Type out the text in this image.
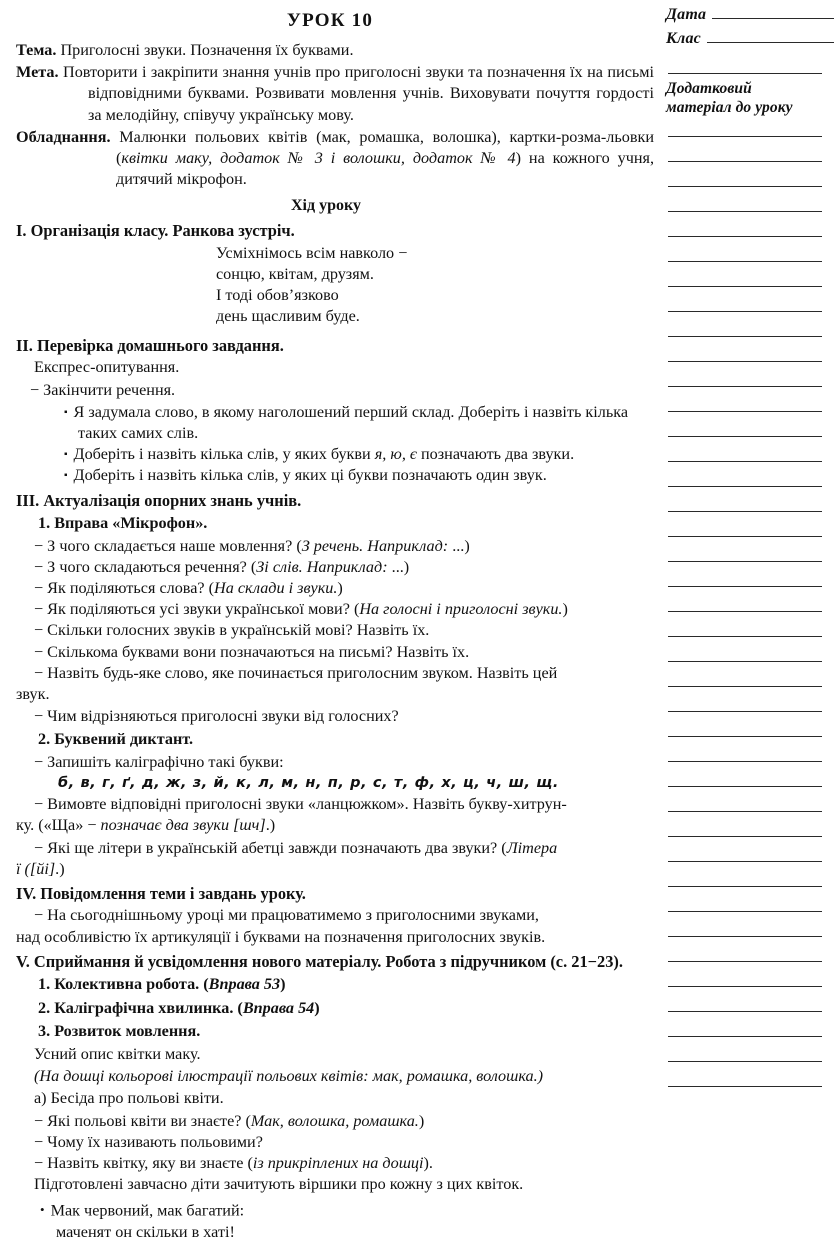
УРОК 10
Тема. Приголосні звуки. Позначення їх буквами.
Мета. Повторити і закріпити знання учнів про приголосні звуки та позначення їх на письмі відповідними буквами. Розвивати мовлення учнів. Виховувати почуття гордості за мелодійну, співучу українську мову.
Обладнання. Малюнки польових квітів (мак, ромашка, волошка), картки-розма-льовки (квітки маку, додаток № 3 і волошки, додаток № 4) на кожного учня, дитячий мікрофон.
Хід уроку
I. Організація класу. Ранкова зустріч.
Усміхнімось всім навколо −
сонцю, квітам, друзям.
І тоді обов’язково
день щасливим буде.
II. Перевірка домашнього завдання.
Експрес-опитування.
− Закінчити речення.
▪ Я задумала слово, в якому наголошений перший склад. Доберіть і назвіть кілька таких самих слів.
▪ Доберіть і назвіть кілька слів, у яких букви я, ю, є позначають два звуки.
▪ Доберіть і назвіть кілька слів, у яких ці букви позначають один звук.
III. Актуалізація опорних знань учнів.
1. Вправа «Мікрофон».
− З чого складається наше мовлення? (З речень. Наприклад: ...)
− З чого складаються речення? (Зі слів. Наприклад: ...)
− Як поділяються слова? (На склади і звуки.)
− Як поділяються усі звуки української мови? (На голосні і приголосні звуки.)
− Скільки голосних звуків в українській мові? Назвіть їх.
− Скількома буквами вони позначаються на письмі? Назвіть їх.
− Назвіть будь-яке слово, яке починається приголосним звуком. Назвіть цей
звук.
− Чим відрізняються приголосні звуки від голосних?
2. Буквений диктант.
− Запишіть каліграфічно такі букви:
б, в, г, ґ, д, ж, з, й, к, л, м, н, п, р, с, т, ф, х, ц, ч, ш, щ.
− Вимовте відповідні приголосні звуки «ланцюжком». Назвіть букву-хитрун-
ку. («Ща» − позначає два звуки [шч].)
− Які ще літери в українській абетці завжди позначають два звуки? (Літера
ї ([йі].)
IV. Повідомлення теми і завдань уроку.
− На сьогоднішньому уроці ми працюватимемо з приголосними звуками,
над особливістю їх артикуляції і буквами на позначення приголосних звуків.
V. Сприймання й усвідомлення нового матеріалу. Робота з підручником (с. 21−23).
1. Колективна робота. (Вправа 53)
2. Каліграфічна хвилинка. (Вправа 54)
3. Розвиток мовлення.
Усний опис квітки маку.
(На дошці кольорові ілюстрації польових квітів: мак, ромашка, волошка.)
а) Бесіда про польові квіти.
− Які польові квіти ви знаєте? (Мак, волошка, ромашка.)
− Чому їх називають польовими?
− Назвіть квітку, яку ви знаєте (із прикріплених на дошці).
Підготовлені завчасно діти зачитують віршики про кожну з цих квіток.
• Мак червоний, мак багатий:
маченят он скільки в хаті!
Дата
Клас
Додатковий
матеріал до уроку
